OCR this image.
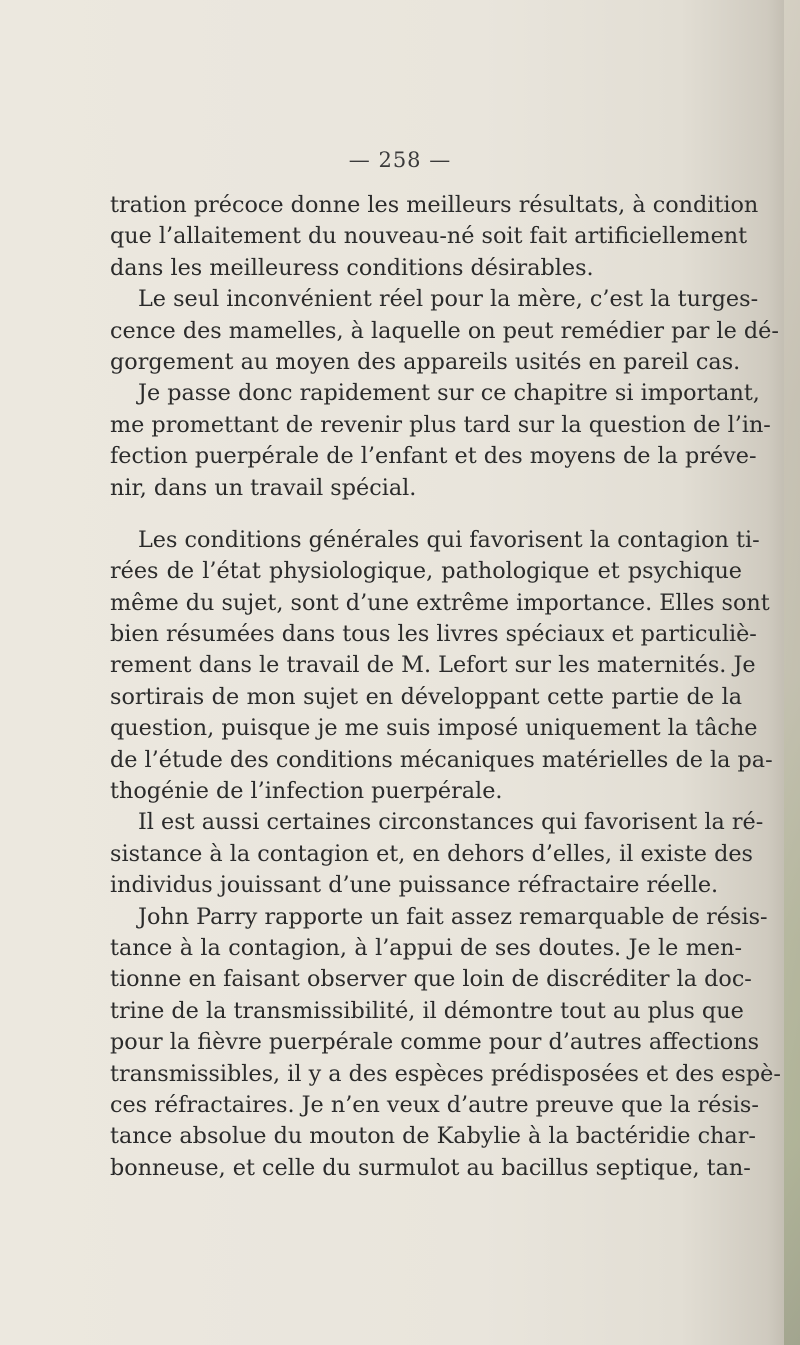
— 258 —
tration précoce donne les meilleurs résultats, à condition
que l’allaitement du nouveau-né soit fait artificiellement
dans les meilleuress conditions désirables.
Le seul inconvénient réel pour la mère, c’est la turges-
cence des mamelles, à laquelle on peut remédier par le dé-
gorgement au moyen des appareils usités en pareil cas.
Je passe donc rapidement sur ce chapitre si important,
me promettant de revenir plus tard sur la question de l’in-
fection puerpérale de l’enfant et des moyens de la préve-
nir, dans un travail spécial.
Les conditions générales qui favorisent la contagion ti-
rées de l’état physiologique, pathologique et psychique
même du sujet, sont d’une extrême importance. Elles sont
bien résumées dans tous les livres spéciaux et particuliè-
rement dans le travail de M. Lefort sur les maternités. Je
sortirais de mon sujet en développant cette partie de la
question, puisque je me suis imposé uniquement la tâche
de l’étude des conditions mécaniques matérielles de la pa-
thogénie de l’infection puerpérale.
Il est aussi certaines circonstances qui favorisent la ré-
sistance à la contagion et, en dehors d’elles, il existe des
individus jouissant d’une puissance réfractaire réelle.
John Parry rapporte un fait assez remarquable de résis-
tance à la contagion, à l’appui de ses doutes. Je le men-
tionne en faisant observer que loin de discréditer la doc-
trine de la transmissibilité, il démontre tout au plus que
pour la fièvre puerpérale comme pour d’autres affections
transmissibles, il y a des espèces prédisposées et des espè-
ces réfractaires. Je n’en veux d’autre preuve que la résis-
tance absolue du mouton de Kabylie à la bactéridie char-
bonneuse, et celle du surmulot au bacillus septique, tan-
